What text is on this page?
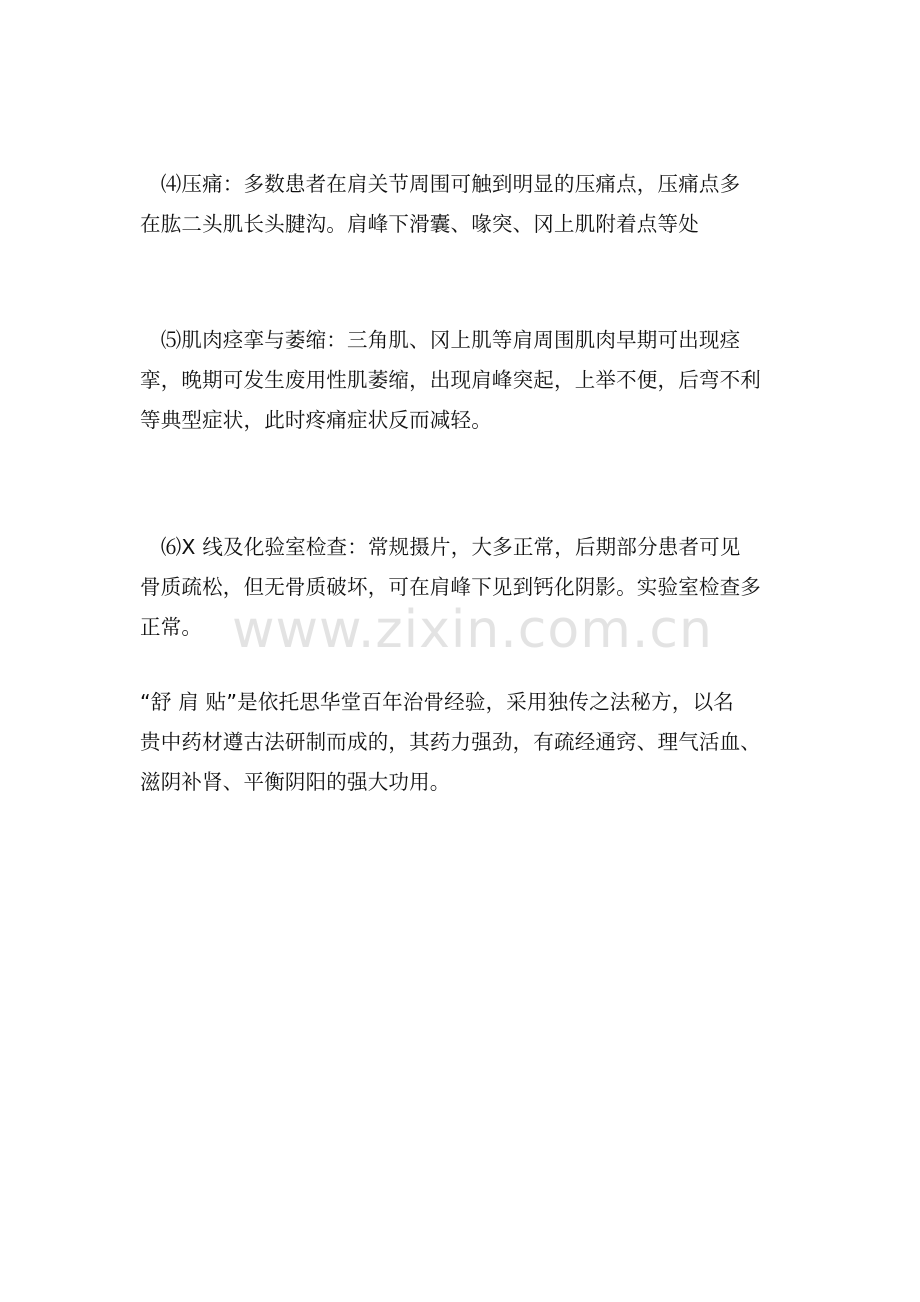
　⑷压痛：多数患者在肩关节周围可触到明显的压痛点，压痛点多
在肱二头肌长头腱沟。肩峰下滑囊、喙突、冈上肌附着点等处

　⑸肌肉痉挛与萎缩：三角肌、冈上肌等肩周围肌肉早期可出现痉
挛，晚期可发生废用性肌萎缩，出现肩峰突起，上举不便，后弯不利
等典型症状，此时疼痛症状反而减轻。

　⑹X 线及化验室检查：常规摄片，大多正常，后期部分患者可见
骨质疏松，但无骨质破坏，可在肩峰下见到钙化阴影。实验室检查多
正常。 www.zixin.com.cn

“舒 肩 贴”是依托思华堂百年治骨经验，采用独传之法秘方，以名
贵中药材遵古法研制而成的，其药力强劲，有疏经通窍、理气活血、
滋阴补肾、平衡阴阳的强大功用。
